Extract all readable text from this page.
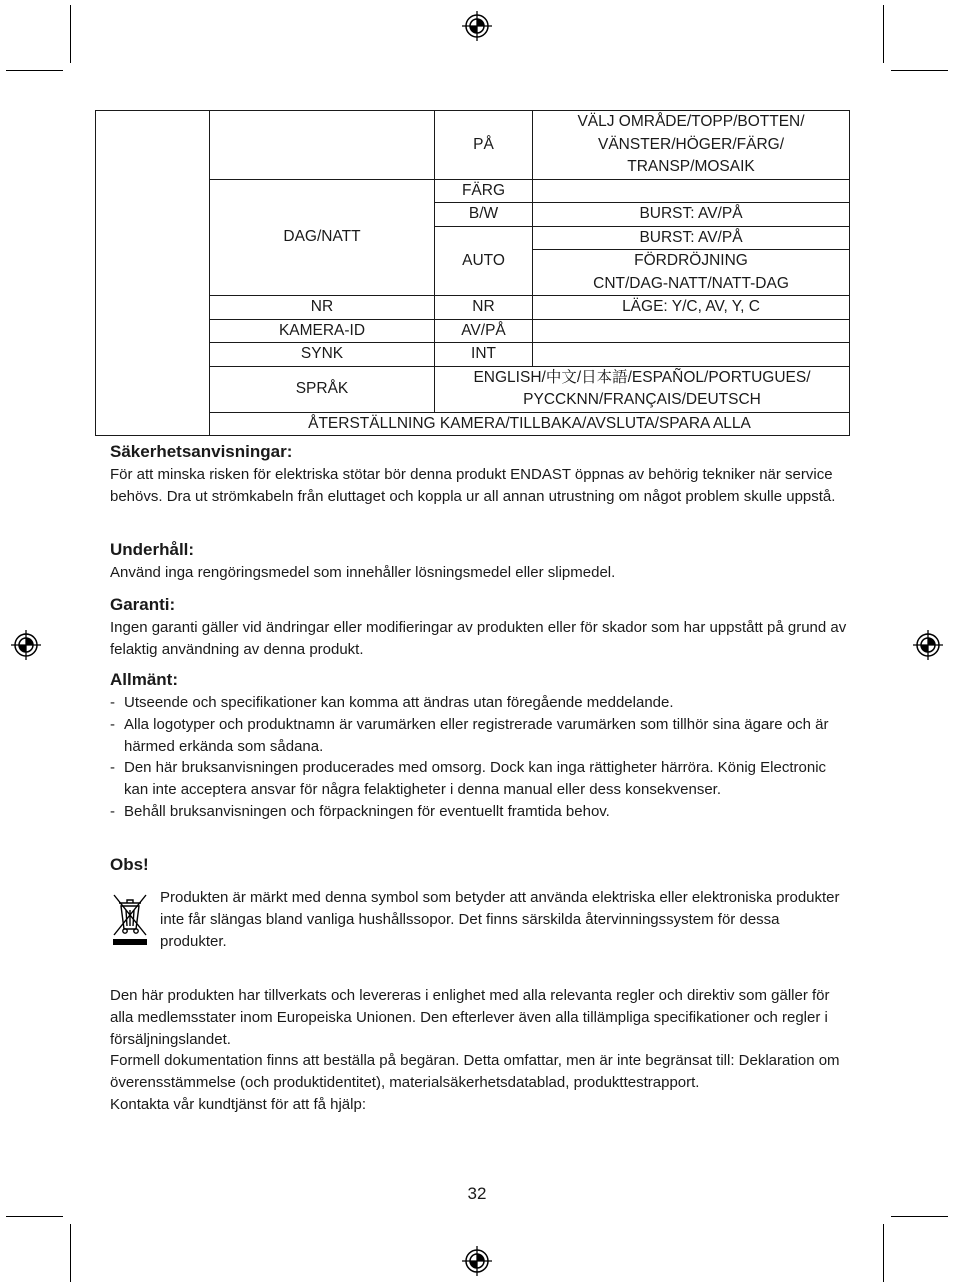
		PÅ	VÄLJ OMRÅDE/TOPP/BOTTEN/
VÄNSTER/HÖGER/FÄRG/
TRANSP/MOSAIK
	DAG/NATT	FÄRG	
		B/W	BURST: AV/PÅ
		AUTO	BURST: AV/PÅ
			FÖRDRÖJNING
CNT/DAG-NATT/NATT-DAG
	NR	NR	LÄGE: Y/C, AV, Y, C
	KAMERA-ID	AV/PÅ	
	SYNK	INT	
	SPRÅK	ENGLISH/中文/日本語/ESPAÑOL/PORTUGUES/
PYCCKNN/FRANÇAIS/DEUTSCH	
	ÅTERSTÄLLNING KAMERA/TILLBAKA/AVSLUTA/SPARA ALLA		
Säkerhetsanvisningar:

För att minska risken för elektriska stötar bör denna produkt ENDAST öppnas av behörig tekniker när service behövs. Dra ut strömkabeln från eluttaget och koppla ur all annan utrustning om något problem skulle uppstå.

Underhåll:

Använd inga rengöringsmedel som innehåller lösningsmedel eller slipmedel.

Garanti:

Ingen garanti gäller vid ändringar eller modifieringar av produkten eller för skador som har uppstått på grund av felaktig användning av denna produkt.

Allmänt:
- Utseende och specifikationer kan komma att ändras utan föregående meddelande.
- Alla logotyper och produktnamn är varumärken eller registrerade varumärken som tillhör sina ägare och är härmed erkända som sådana.
- Den här bruksanvisningen producerades med omsorg. Dock kan inga rättigheter härröra. König Electronic kan inte acceptera ansvar för några felaktigheter i denna manual eller dess konsekvenser.
- Behåll bruksanvisningen och förpackningen för eventuellt framtida behov.
Obs!

Produkten är märkt med denna symbol som betyder att använda elektriska eller elektroniska produkter inte får slängas bland vanliga hushållssopor. Det finns särskilda återvinningssystem för dessa produkter.

Den här produkten har tillverkats och levereras i enlighet med alla relevanta regler och direktiv som gäller för alla medlemsstater inom Europeiska Unionen. Den efterlever även alla tillämpliga specifikationer och regler i försäljningslandet.

Formell dokumentation finns att beställa på begäran. Detta omfattar, men är inte begränsat till: Deklaration om överensstämmelse (och produktidentitet), materialsäkerhetsdatablad, produkttestrapport.

Kontakta vår kundtjänst för att få hjälp:

32
